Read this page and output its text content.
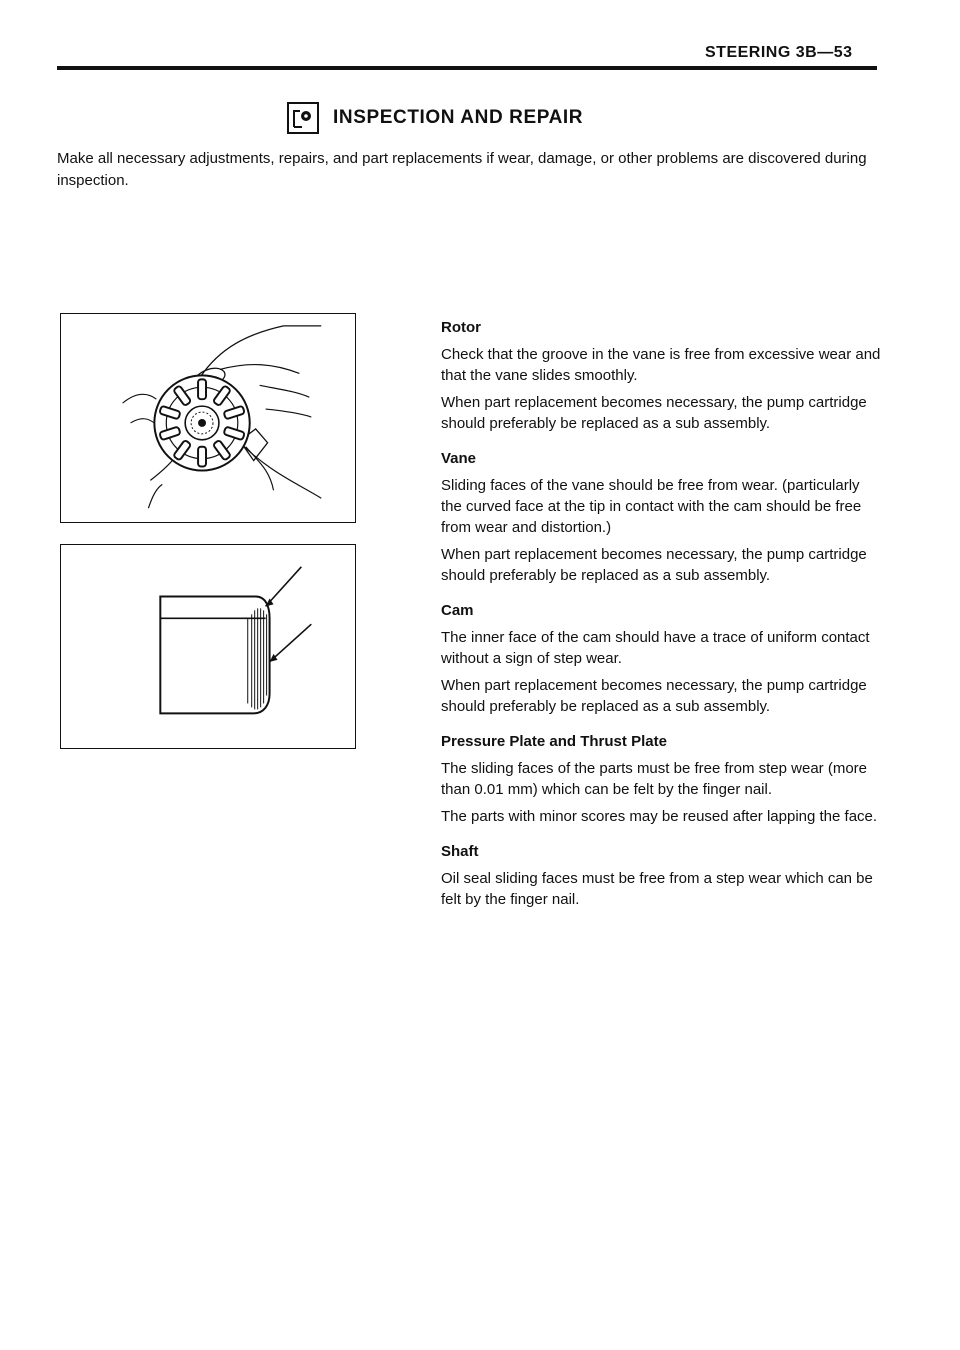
STEERING 3B—53
INSPECTION AND REPAIR

Make all necessary adjustments, repairs, and part replacements if wear, damage, or other problems are discovered during inspection.

Rotor

Check that the groove in the vane is free from excessive wear and that the vane slides smoothly.

When part replacement becomes necessary, the pump cartridge should preferably be replaced as a sub assembly.

Vane

Sliding faces of the vane should be free from wear. (particularly the curved face at the tip in contact with the cam should be free from wear and distortion.)

When part replacement becomes necessary, the pump cartridge should preferably be replaced as a sub assembly.

Cam

The inner face of the cam should have a trace of uniform contact without a sign of step wear.

When part replacement becomes necessary, the pump cartridge should preferably be replaced as a sub assembly.

Pressure Plate and Thrust Plate

The sliding faces of the parts must be free from step wear (more than 0.01 mm) which can be felt by the finger nail.

The parts with minor scores may be reused after lapping the face.

Shaft

Oil seal sliding faces must be free from a step wear which can be felt by the finger nail.
